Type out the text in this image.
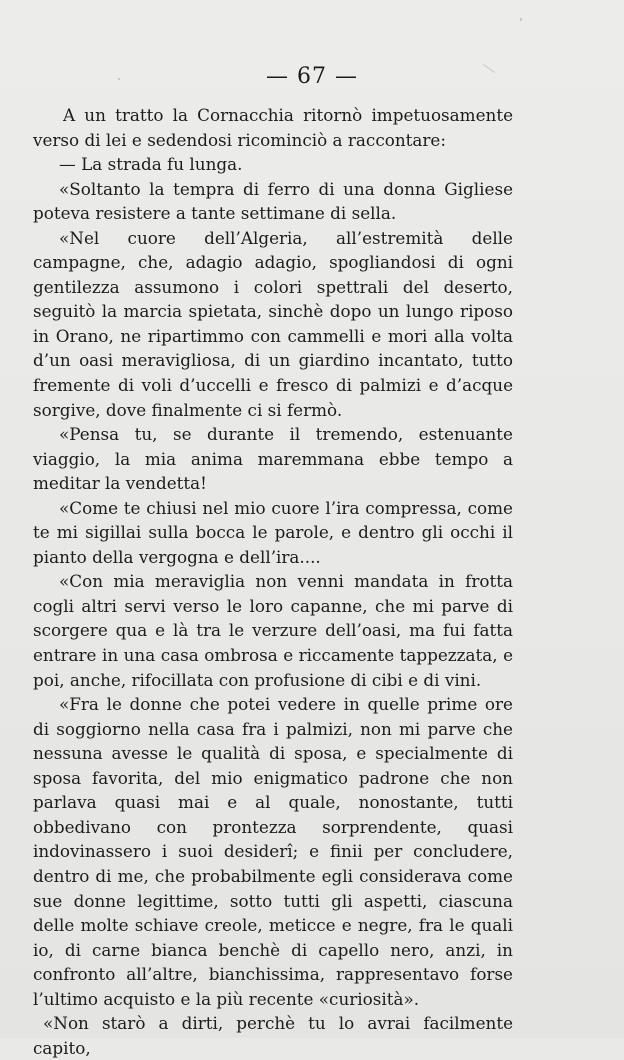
— 67 —

A un tratto la Cornacchia ritornò impetuosamente verso di lei e sedendosi ricominciò a raccontare:

— La strada fu lunga.

«Soltanto la tempra di ferro di una donna Gigliese poteva resistere a tante settimane di sella.

«Nel cuore dell’Algeria, all’estremità delle campagne, che, adagio adagio, spogliandosi di ogni gentilezza assumono i colori spettrali del deserto, seguitò la marcia spietata, sinchè dopo un lungo riposo in Orano, ne ripartimmo con cammelli e mori alla volta d’un oasi meravigliosa, di un giardino incantato, tutto fremente di voli d’uccelli e fresco di palmizi e d’acque sorgive, dove finalmente ci si fermò.

«Pensa tu, se durante il tremendo, estenuante viaggio, la mia anima maremmana ebbe tempo a meditar la vendetta!

«Come te chiusi nel mio cuore l’ira compressa, come te mi sigillai sulla bocca le parole, e dentro gli occhi il pianto della vergogna e dell’ira....

«Con mia meraviglia non venni mandata in frotta cogli altri servi verso le loro capanne, che mi parve di scorgere qua e là tra le verzure dell’oasi, ma fui fatta entrare in una casa ombrosa e riccamente tappezzata, e poi, anche, rifocillata con profusione di cibi e di vini.

«Fra le donne che potei vedere in quelle prime ore di soggiorno nella casa fra i palmizi, non mi parve che nessuna avesse le qualità di sposa, e specialmente di sposa favorita, del mio enigmatico padrone che non parlava quasi mai e al quale, nonostante, tutti obbedivano con prontezza sorprendente, quasi indovinassero i suoi desiderî; e finii per concludere, dentro di me, che probabilmente egli considerava come sue donne legittime, sotto tutti gli aspetti, ciascuna delle molte schiave creole, meticce e negre, fra le quali io, di carne bianca benchè di capello nero, anzi, in confronto all’altre, bianchissima, rappresentavo forse l’ultimo acquisto e la più recente «curiosità».

«Non starò a dirti, perchè tu lo avrai facilmente capito,
